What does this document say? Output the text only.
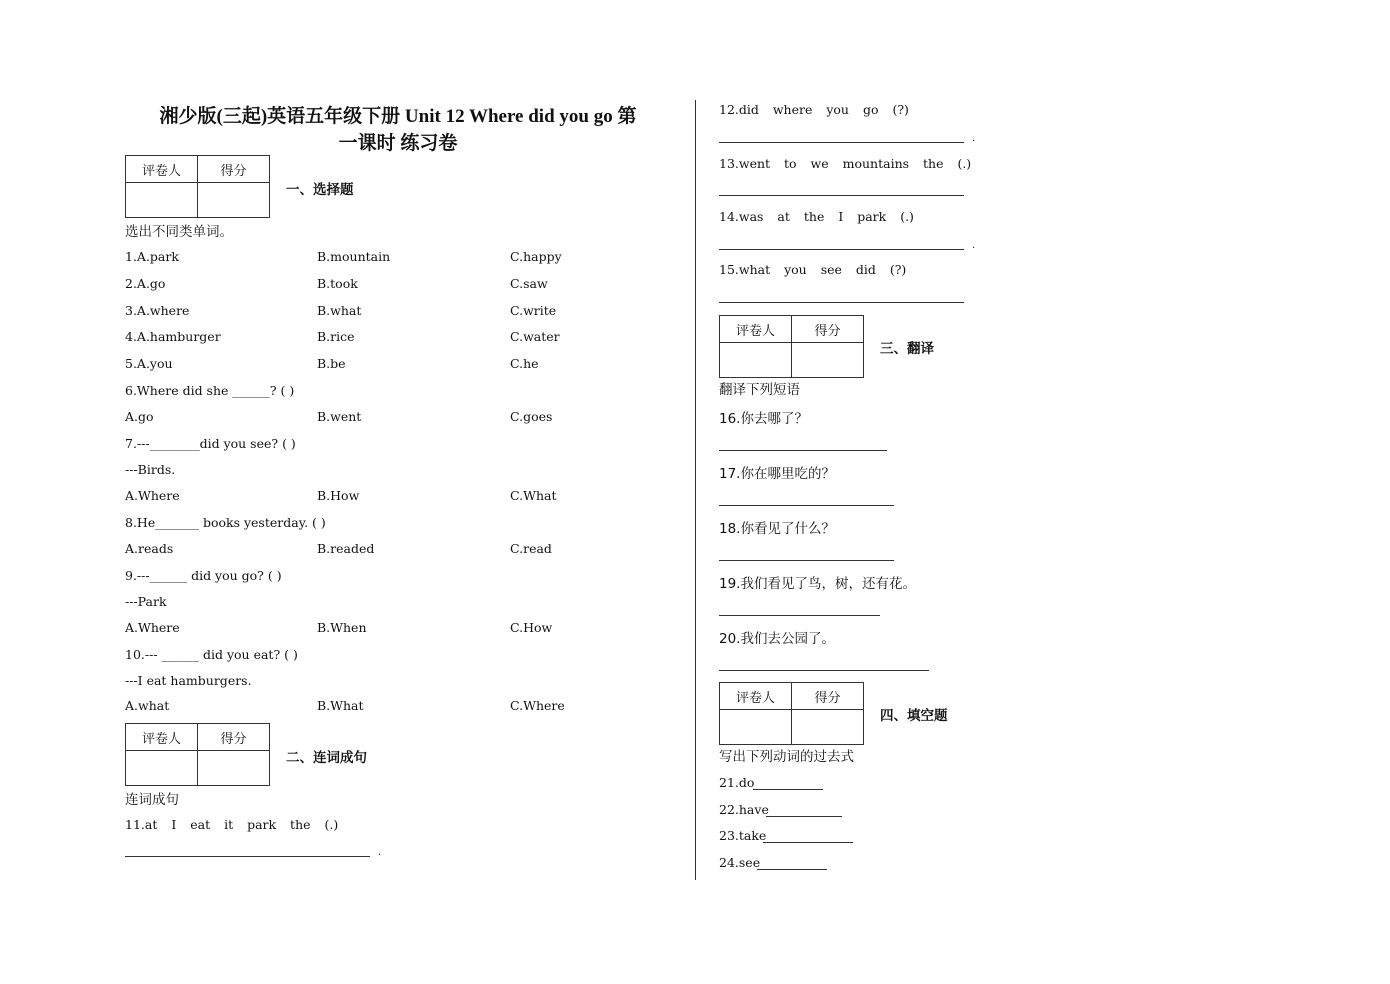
湘少版(三起)英语五年级下册 Unit 12 Where did you go 第
一课时 练习卷
评卷人	得分

一、选择题
选出不同类单词。
1.A.park	B.mountain	C.happy
2.A.go	B.took	C.saw
3.A.where	B.what	C.write
4.A.hamburger	B.rice	C.water
5.A.you	B.be	C.he
6.Where did she ______? ( )
A.go	B.went	C.goes
7.---________did you see? ( )
---Birds.
A.Where	B.How	C.What
8.He_______ books yesterday. ( )
A.reads	B.readed	C.read
9.---______ did you go? ( )
---Park
A.Where	B.When	C.How
10.--- ______ did you eat? ( )
---I eat hamburgers.
A.what	B.What	C.Where
评卷人	得分

二、连词成句
连词成句
11.at I eat it park the (.)
.
12.did where you go (?)
.
13.went to we mountains the (.)
14.was at the I park (.)
.
15.what you see did (?)
评卷人	得分

三、翻译
翻译下列短语
16.你去哪了？
17.你在哪里吃的？
18.你看见了什么？
19.我们看见了鸟，树，还有花。
20.我们去公园了。
评卷人	得分

四、填空题
写出下列动词的过去式
21.do
22.have
23.take
24.see
